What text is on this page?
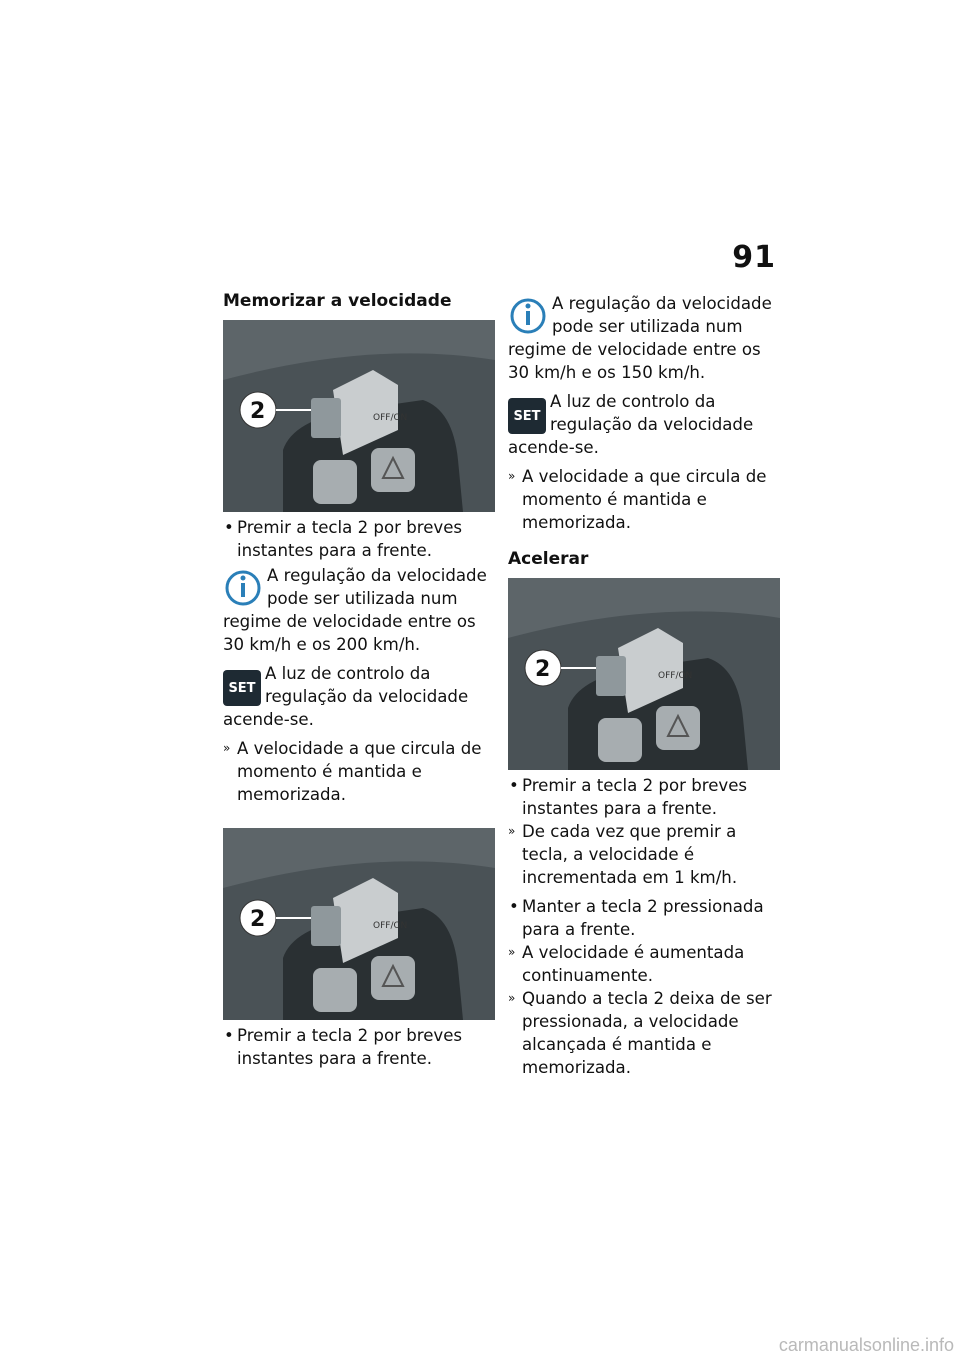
91
Memorizar a velocidade
OFF/ON
2

• Premir a tecla 2 por breves instantes para a frente.

A regulação da velocidade pode ser utilizada num regime de velocidade entre os 30 km/h e os 200 km/h.

SET

A luz de controlo da regulação da velocidade acende-se.

» A velocidade a que circula de momento é mantida e memorizada.

OFF/ON
2

• Premir a tecla 2 por breves instantes para a frente.

A regulação da velocidade pode ser utilizada num regime de velocidade entre os 30 km/h e os 150 km/h.

SET

A luz de controlo da regulação da velocidade acende-se.

» A velocidade a que circula de momento é mantida e memorizada.

Acelerar
OFF/ON
2

• Premir a tecla 2 por breves instantes para a frente.

» De cada vez que premir a tecla, a velocidade é incrementada em 1 km/h.

• Manter a tecla 2 pressionada para a frente.

» A velocidade é aumentada continuamente.

» Quando a tecla 2 deixa de ser pressionada, a velocidade alcançada é mantida e memorizada.

carmanualsonline.info
